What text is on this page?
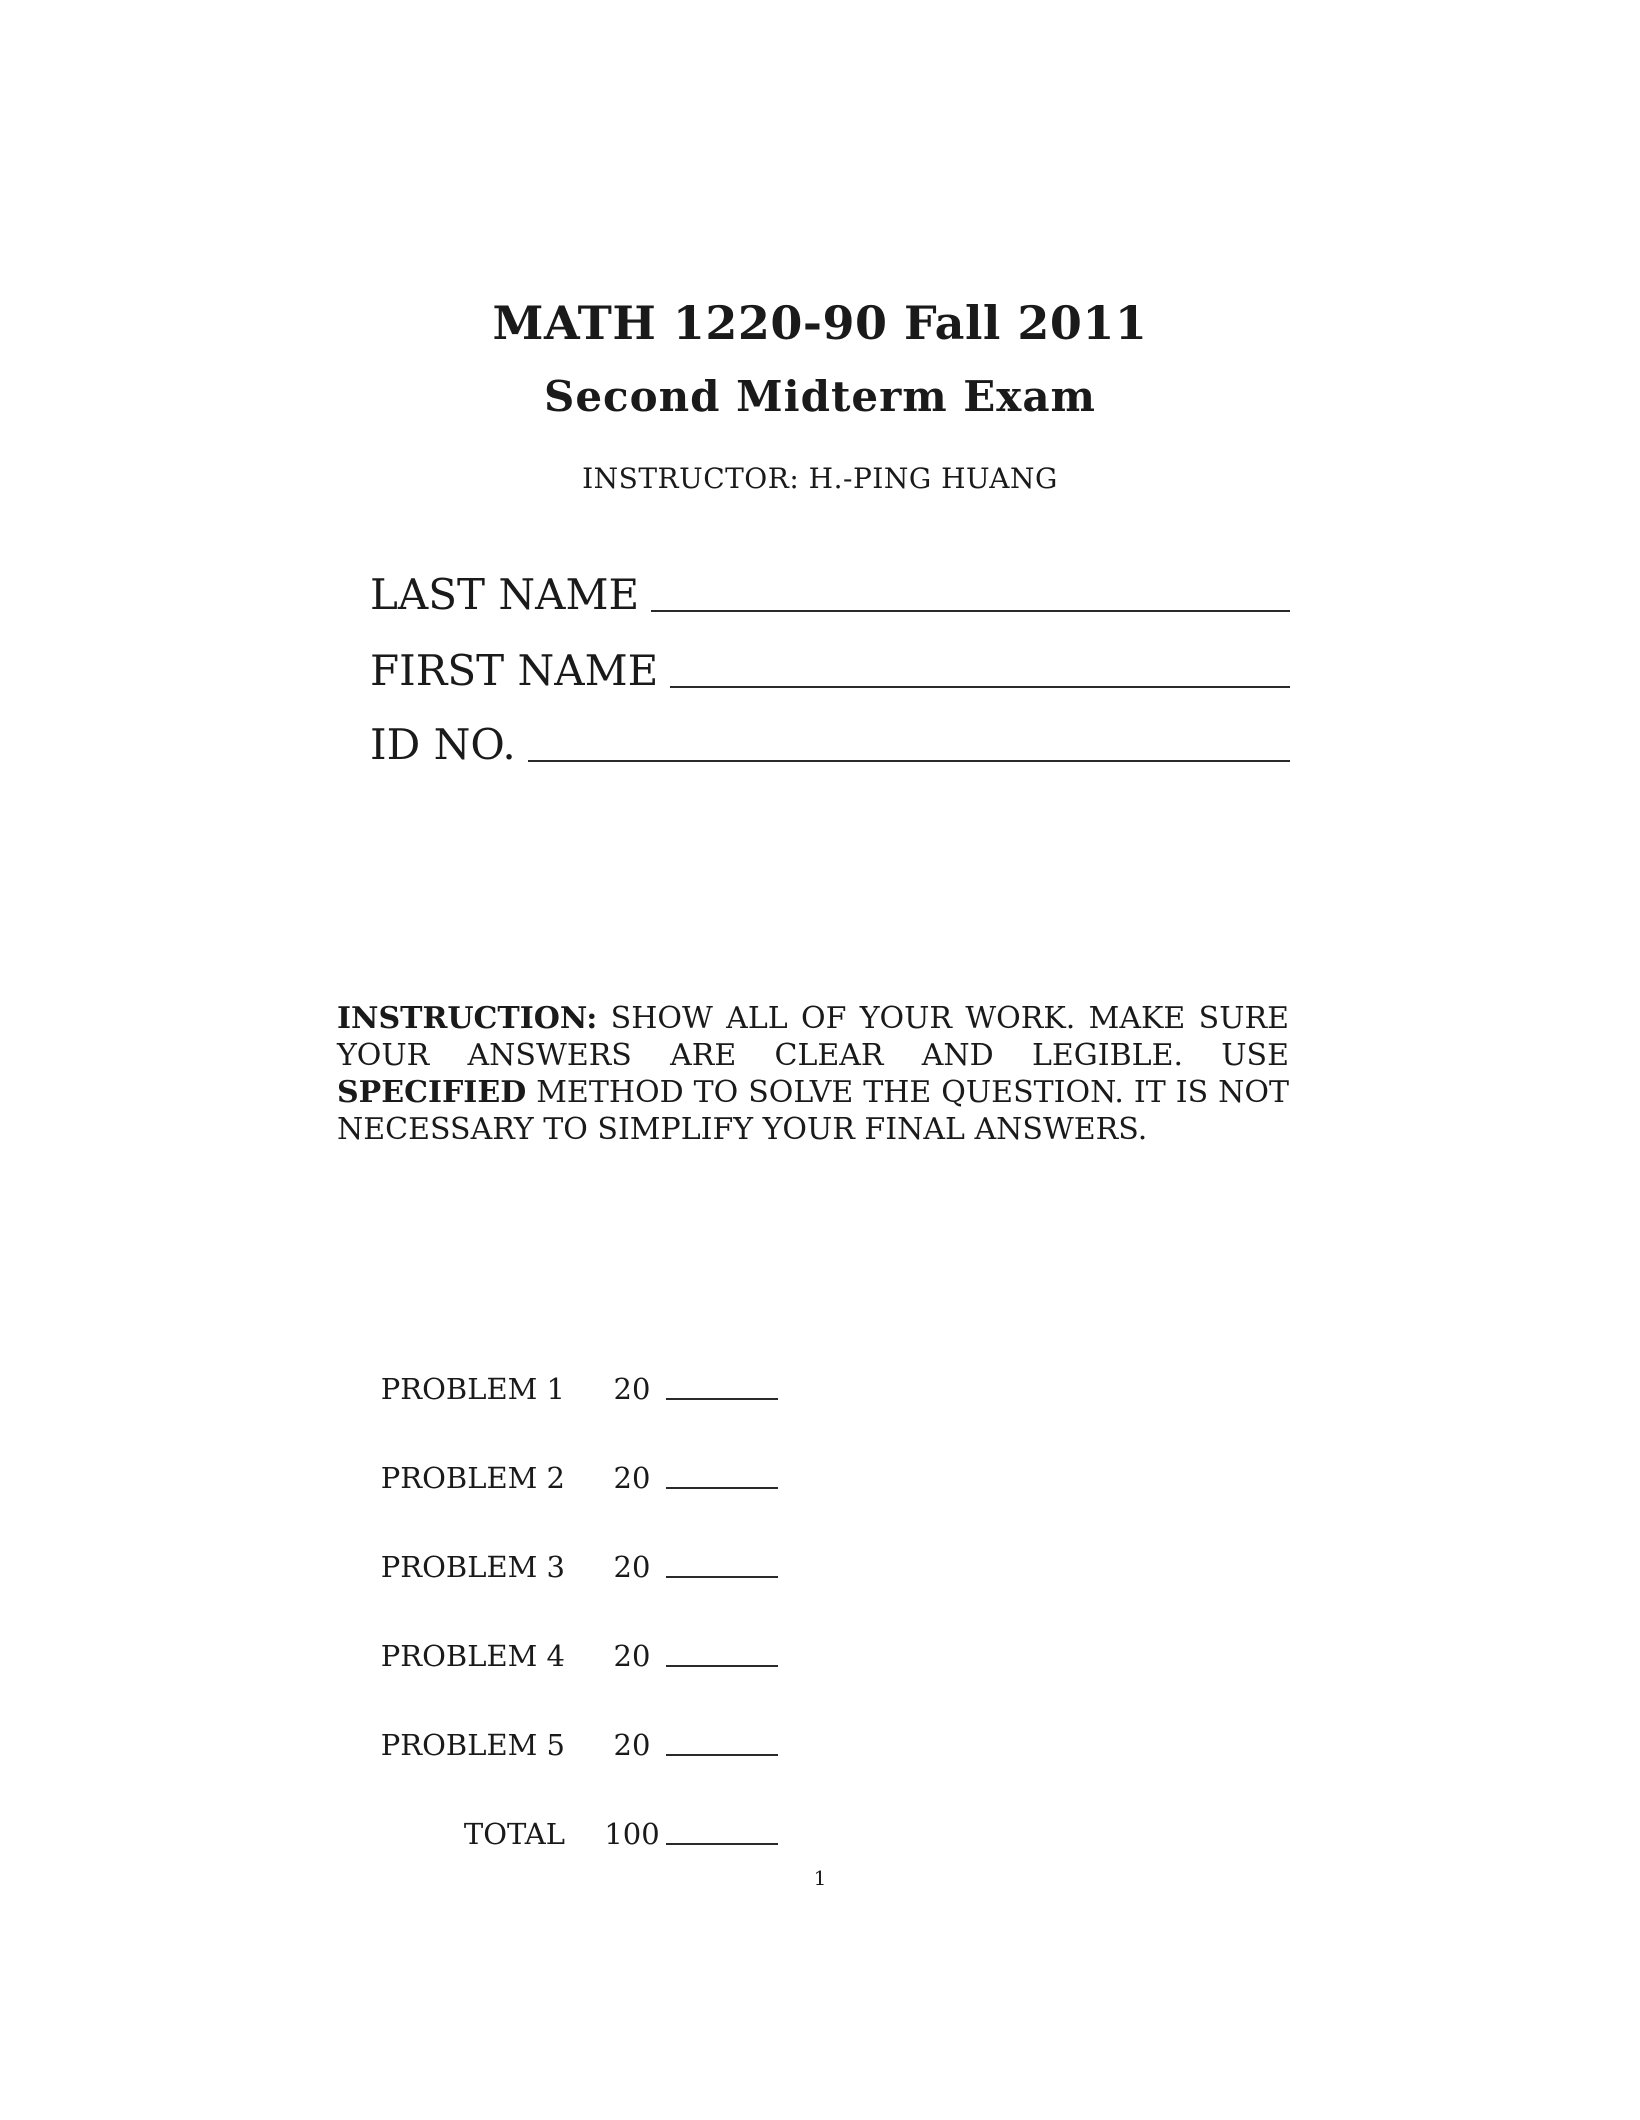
MATH 1220-90 Fall 2011
Second Midterm Exam
INSTRUCTOR: H.-PING HUANG
LAST NAME
FIRST NAME
ID NO.
INSTRUCTION: SHOW ALL OF YOUR WORK. MAKE SURE YOUR ANSWERS ARE CLEAR AND LEGIBLE. USE SPECIFIED METHOD TO SOLVE THE QUESTION. IT IS NOT NECESSARY TO SIMPLIFY YOUR FINAL ANSWERS.
PROBLEM 1	20
PROBLEM 2	20
PROBLEM 3	20
PROBLEM 4	20
PROBLEM 5	20
TOTAL	100
1
